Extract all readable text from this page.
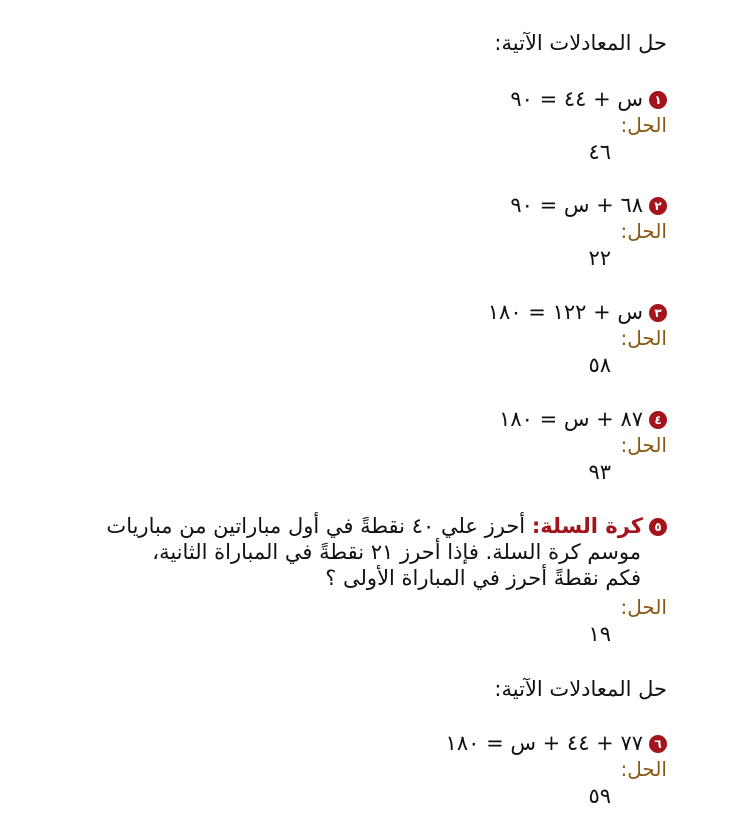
حل المعادلات الآتية:
١س + ٤٤ = ٩٠
الحل:
٤٦
٢٦٨ + س = ٩٠
الحل:
٢٢
٣س + ١٢٢ = ١٨٠
الحل:
٥٨
٤٨٧ + س = ١٨٠
الحل:
٩٣
٥كرة السلة: أحرز علي ٤٠ نقطةً في أول مباراتين من مباريات
موسم كرة السلة. فإذا أحرز ٢١ نقطةً في المباراة الثانية،
فكم نقطةً أحرز في المباراة الأولى ؟
الحل:
١٩
حل المعادلات الآتية:
٦٧٧ + ٤٤ + س = ١٨٠
الحل:
٥٩
